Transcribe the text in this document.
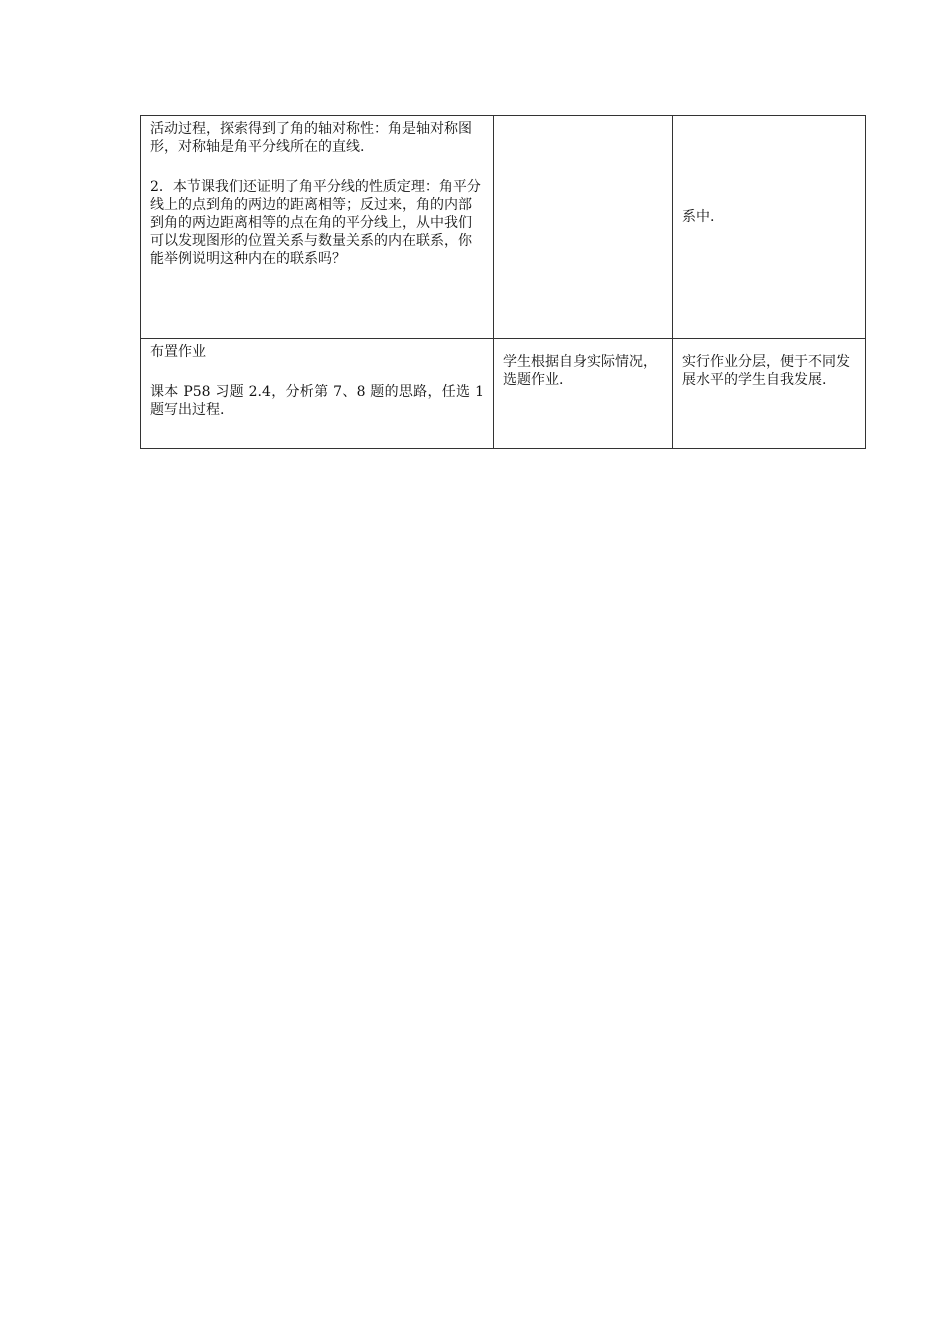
活动过程，探索得到了角的轴对称性：角是轴对称图形，对称轴是角平分线所在的直线.

2．本节课我们还证明了角平分线的性质定理：角平分线上的点到角的两边的距离相等；反过来，角的内部到角的两边距离相等的点在角的平分线上，从中我们可以发现图形的位置关系与数量关系的内在联系，你能举例说明这种内在的联系吗？		系中.

布置作业

课本 P58 习题 2.4，分析第 7、8 题的思路，任选 1 题写出过程.	学生根据自身实际情况，选题作业.	实行作业分层，便于不同发展水平的学生自我发展.
